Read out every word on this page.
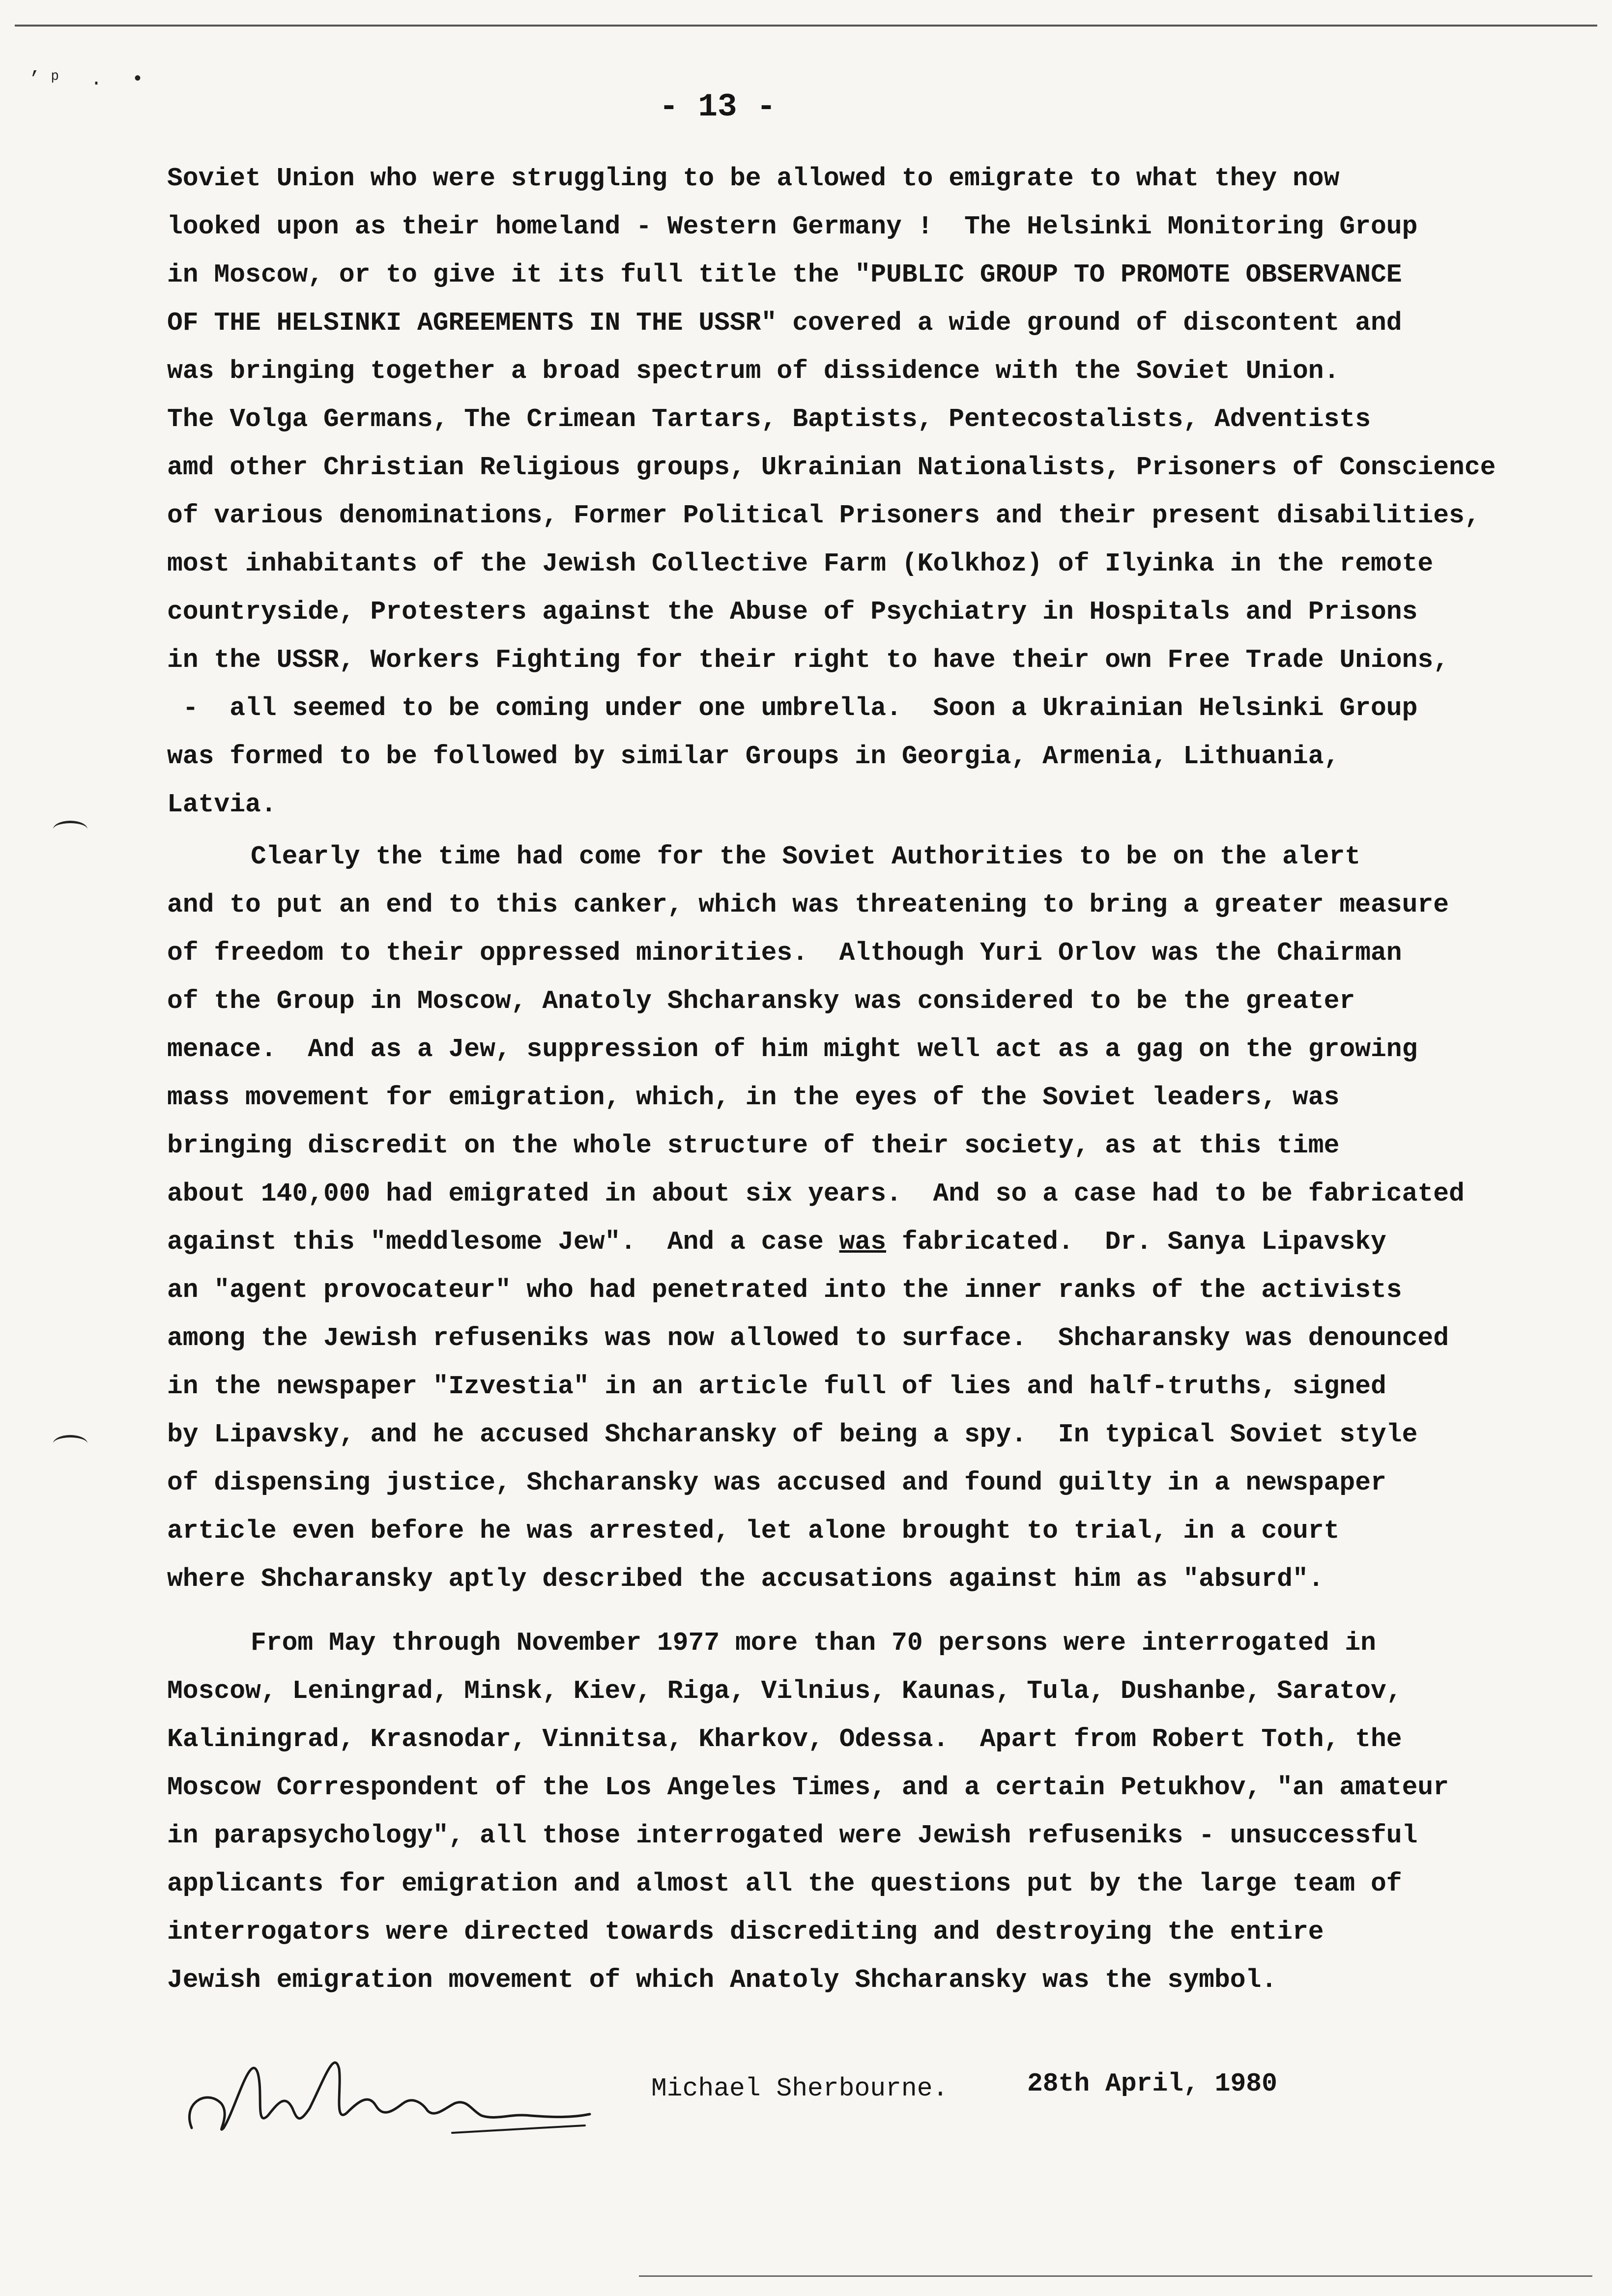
’ᵖ . •
- 13 -
Soviet Union who were struggling to be allowed to emigrate to what they now
looked upon as their homeland - Western Germany !  The Helsinki Monitoring Group
in Moscow, or to give it its full title the "PUBLIC GROUP TO PROMOTE OBSERVANCE
OF THE HELSINKI AGREEMENTS IN THE USSR" covered a wide ground of discontent and
was bringing together a broad spectrum of dissidence with the Soviet Union.
The Volga Germans, The Crimean Tartars, Baptists, Pentecostalists, Adventists
amd other Christian Religious groups, Ukrainian Nationalists, Prisoners of Conscience
of various denominations, Former Political Prisoners and their present disabilities,
most inhabitants of the Jewish Collective Farm (Kolkhoz) of Ilyinka in the remote
countryside, Protesters against the Abuse of Psychiatry in Hospitals and Prisons
in the USSR, Workers Fighting for their right to have their own Free Trade Unions,
-  all seemed to be coming under one umbrella.  Soon a Ukrainian Helsinki Group
was formed to be followed by similar Groups in Georgia, Armenia, Lithuania,
Latvia.
Clearly the time had come for the Soviet Authorities to be on the alert
and to put an end to this canker, which was threatening to bring a greater measure
of freedom to their oppressed minorities.  Although Yuri Orlov was the Chairman
of the Group in Moscow, Anatoly Shcharansky was considered to be the greater
menace.  And as a Jew, suppression of him might well act as a gag on the growing
mass movement for emigration, which, in the eyes of the Soviet leaders, was
bringing discredit on the whole structure of their society, as at this time
about 140,000 had emigrated in about six years.  And so a case had to be fabricated
against this "meddlesome Jew".  And a case was fabricated.  Dr. Sanya Lipavsky
an "agent provocateur" who had penetrated into the inner ranks of the activists
among the Jewish refuseniks was now allowed to surface.  Shcharansky was denounced
in the newspaper "Izvestia" in an article full of lies and half-truths, signed
by Lipavsky, and he accused Shcharansky of being a spy.  In typical Soviet style
of dispensing justice, Shcharansky was accused and found guilty in a newspaper
article even before he was arrested, let alone brought to trial, in a court
where Shcharansky aptly described the accusations against him as "absurd".
From May through November 1977 more than 70 persons were interrogated in
Moscow, Leningrad, Minsk, Kiev, Riga, Vilnius, Kaunas, Tula, Dushanbe, Saratov,
Kaliningrad, Krasnodar, Vinnitsa, Kharkov, Odessa.  Apart from Robert Toth, the
Moscow Correspondent of the Los Angeles Times, and a certain Petukhov, "an amateur
in parapsychology", all those interrogated were Jewish refuseniks - unsuccessful
applicants for emigration and almost all the questions put by the large team of
interrogators were directed towards discrediting and destroying the entire
Jewish emigration movement of which Anatoly Shcharansky was the symbol.
Michael Sherbourne.	28th April, 1980
